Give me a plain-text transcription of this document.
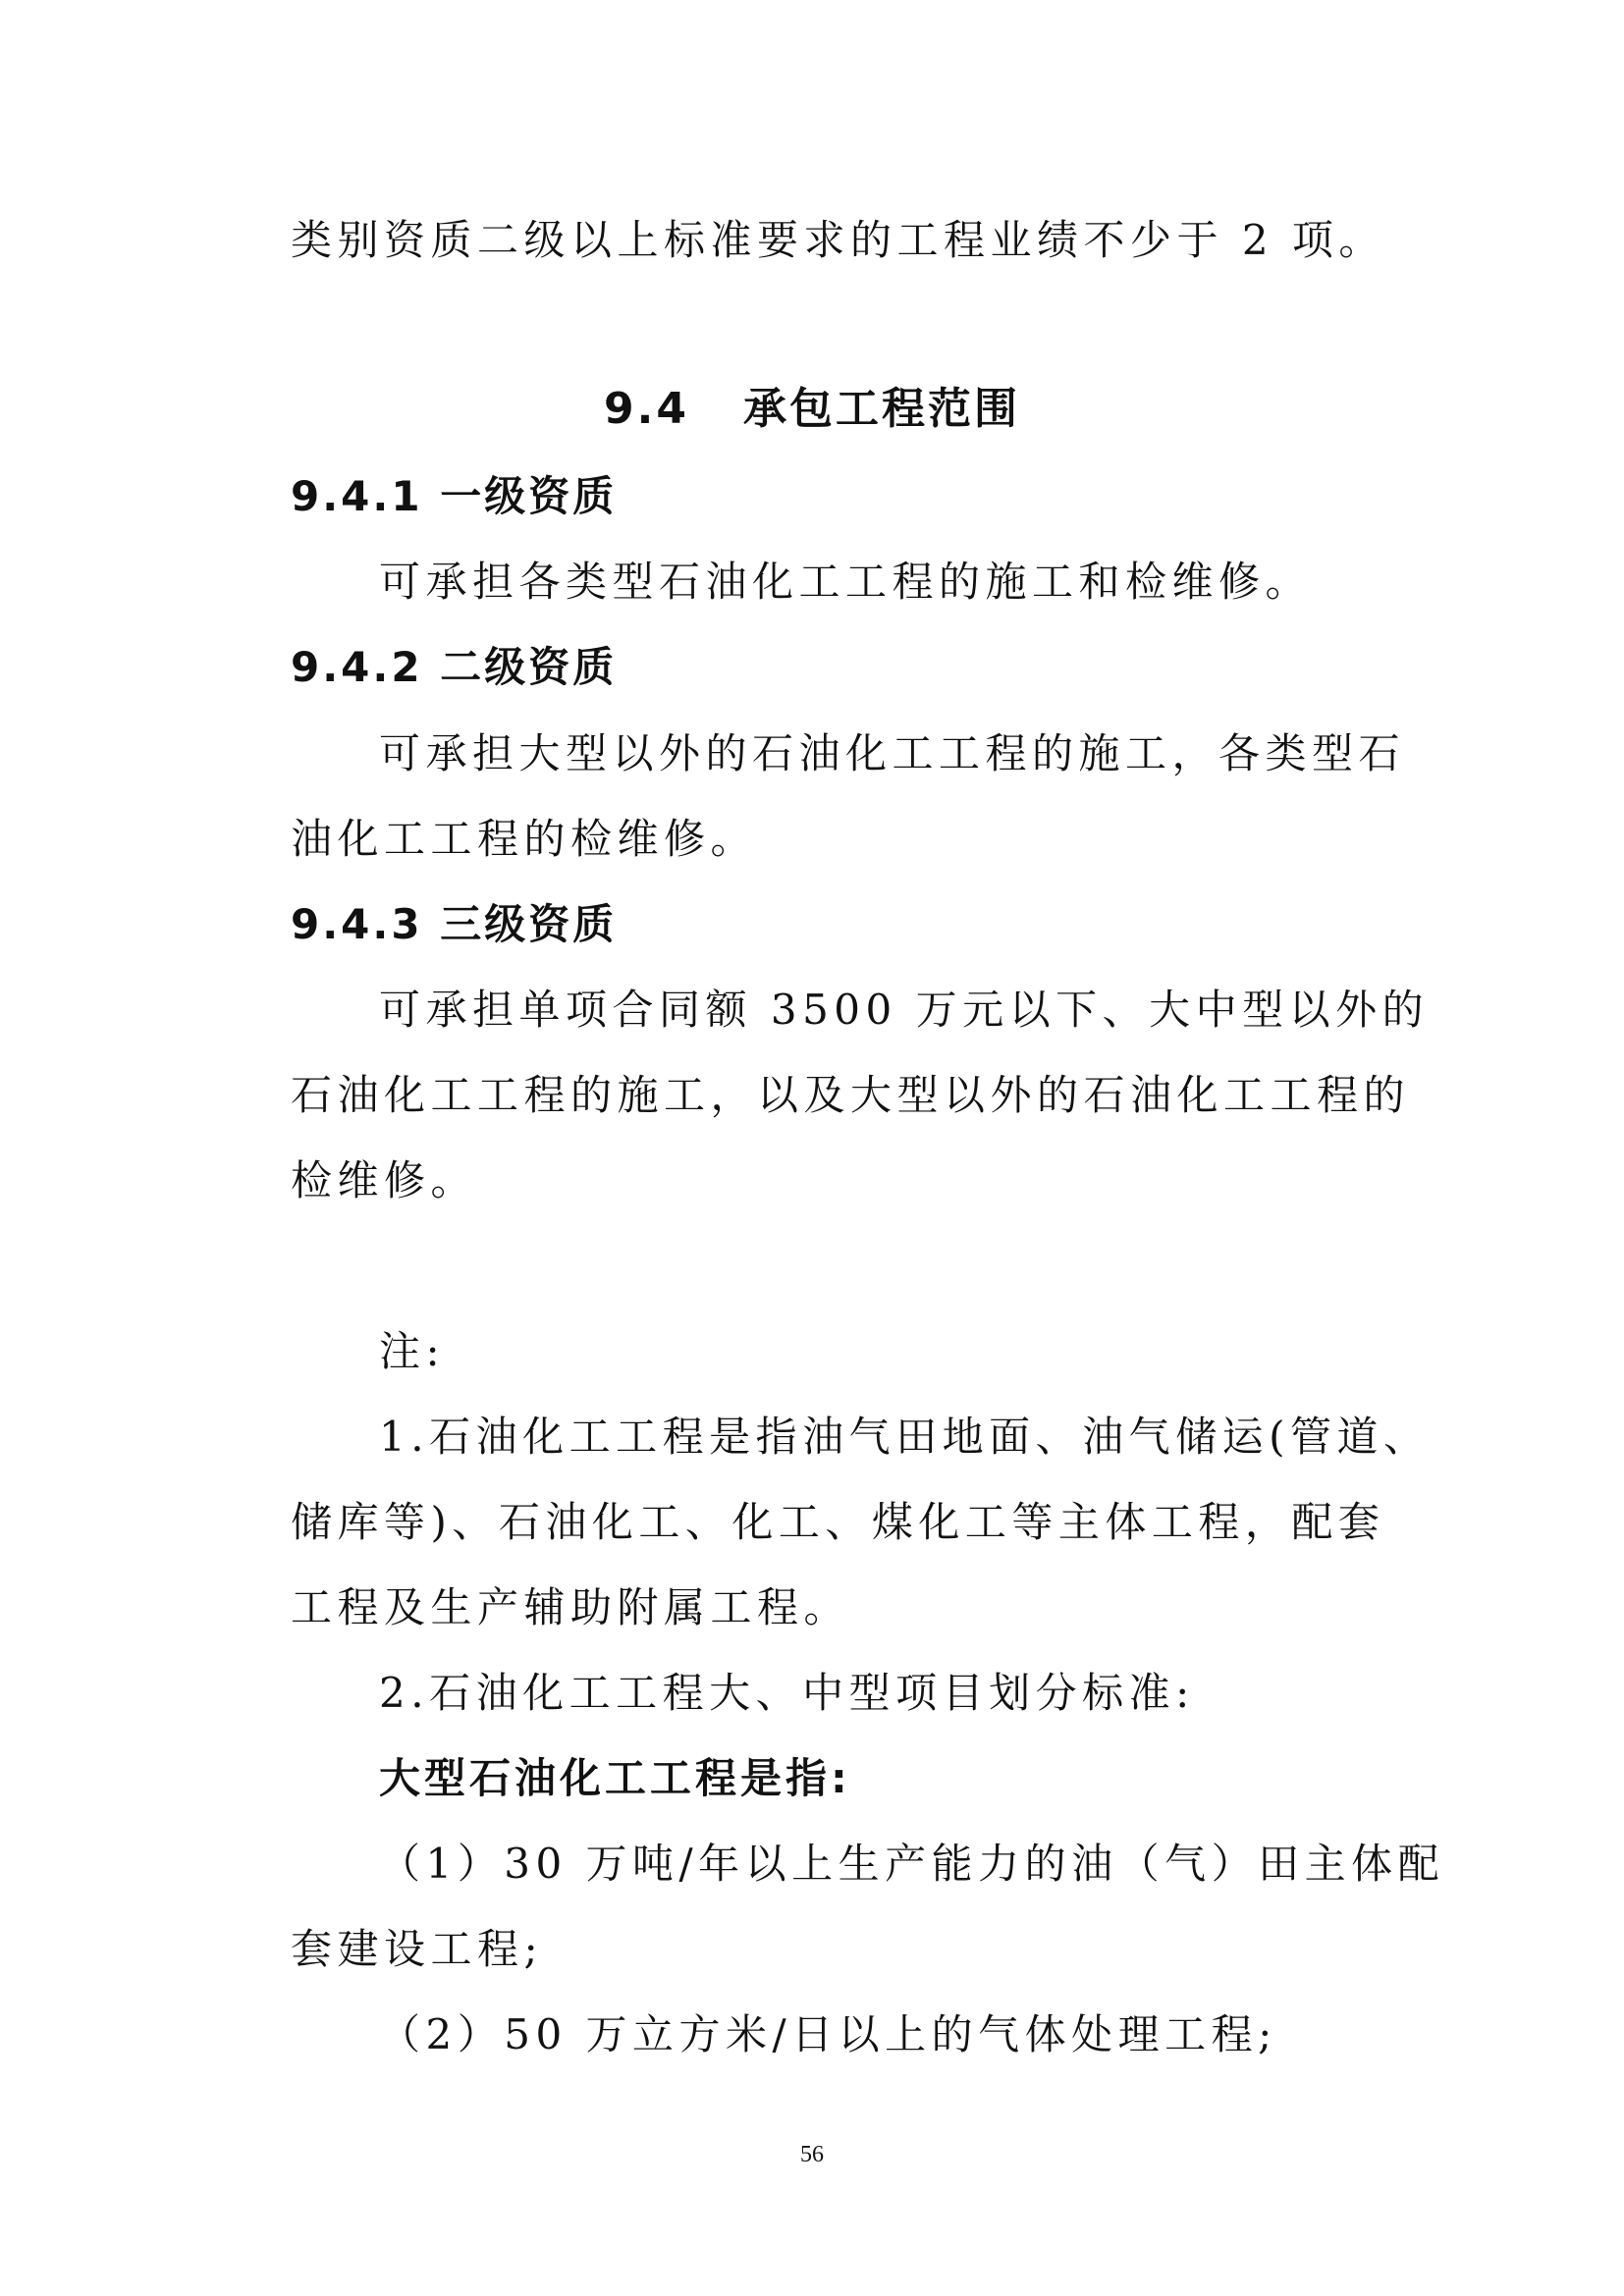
类别资质二级以上标准要求的工程业绩不少于 2 项。
9.4   承包工程范围
9.4.1 一级资质
可承担各类型石油化工工程的施工和检维修。
9.4.2 二级资质
可承担大型以外的石油化工工程的施工，各类型石
油化工工程的检维修。
9.4.3 三级资质
可承担单项合同额 3500 万元以下、大中型以外的
石油化工工程的施工，以及大型以外的石油化工工程的
检维修。
注:
1.石油化工工程是指油气田地面、油气储运(管道、
储库等)、石油化工、化工、煤化工等主体工程，配套
工程及生产辅助附属工程。
2.石油化工工程大、中型项目划分标准:
大型石油化工工程是指:
（1）30 万吨/年以上生产能力的油（气）田主体配
套建设工程;
（2）50 万立方米/日以上的气体处理工程;
56
